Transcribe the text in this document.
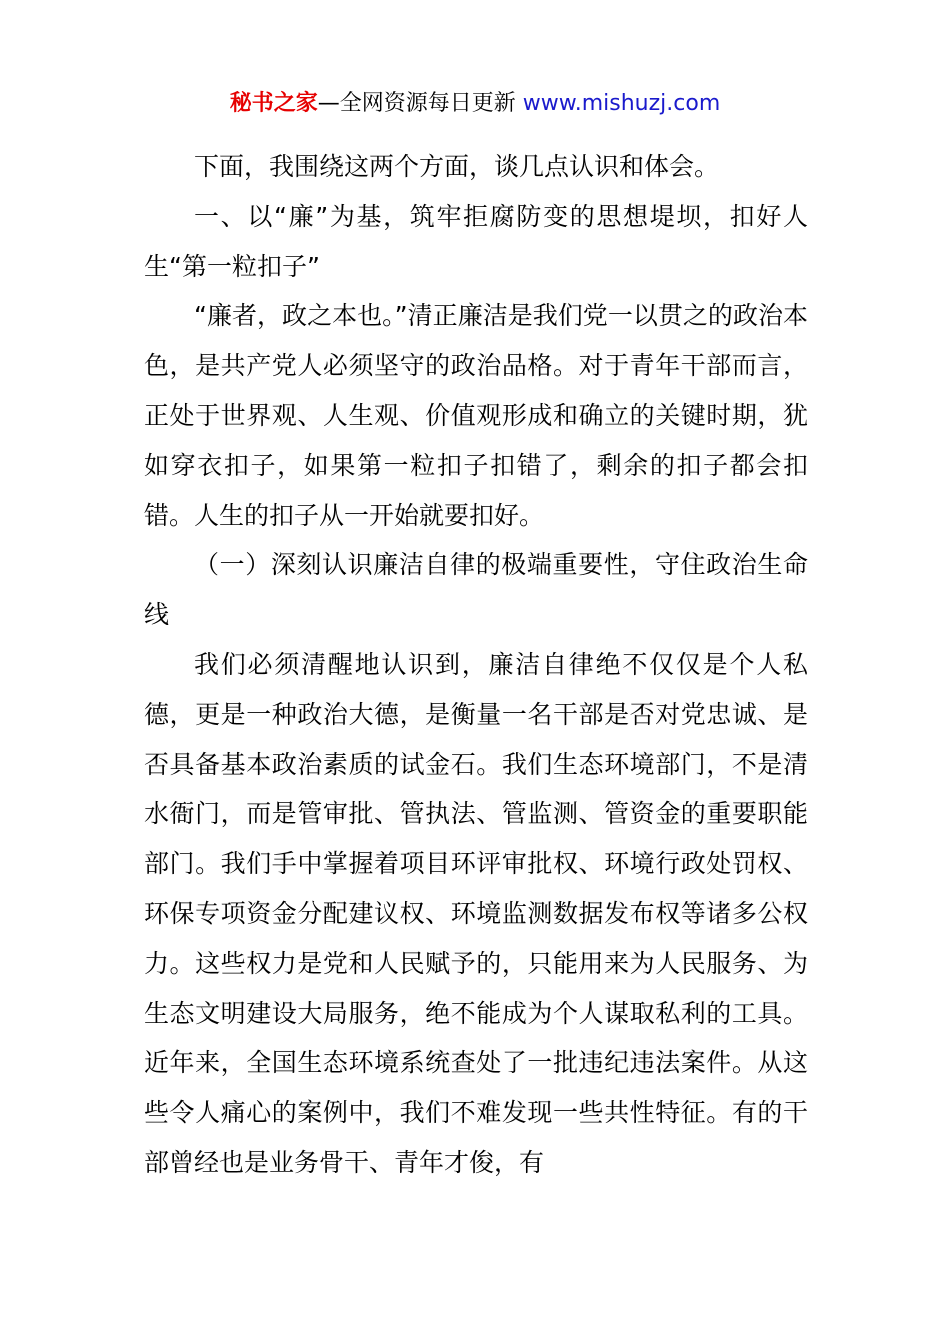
秘书之家—全网资源每日更新 www.mishuzj.com

下面，我围绕这两个方面，谈几点认识和体会。

一、以“廉”为基，筑牢拒腐防变的思想堤坝，扣好人生“第一粒扣子”

“廉者，政之本也。”清正廉洁是我们党一以贯之的政治本色，是共产党人必须坚守的政治品格。对于青年干部而言，正处于世界观、人生观、价值观形成和确立的关键时期，犹如穿衣扣子，如果第一粒扣子扣错了，剩余的扣子都会扣错。人生的扣子从一开始就要扣好。

（一）深刻认识廉洁自律的极端重要性，守住政治生命线

我们必须清醒地认识到，廉洁自律绝不仅仅是个人私德，更是一种政治大德，是衡量一名干部是否对党忠诚、是否具备基本政治素质的试金石。我们生态环境部门，不是清水衙门，而是管审批、管执法、管监测、管资金的重要职能部门。我们手中掌握着项目环评审批权、环境行政处罚权、环保专项资金分配建议权、环境监测数据发布权等诸多公权力。这些权力是党和人民赋予的，只能用来为人民服务、为生态文明建设大局服务，绝不能成为个人谋取私利的工具。近年来，全国生态环境系统查处了一批违纪违法案件。从这些令人痛心的案例中，我们不难发现一些共性特征。有的干部曾经也是业务骨干、青年才俊，有
